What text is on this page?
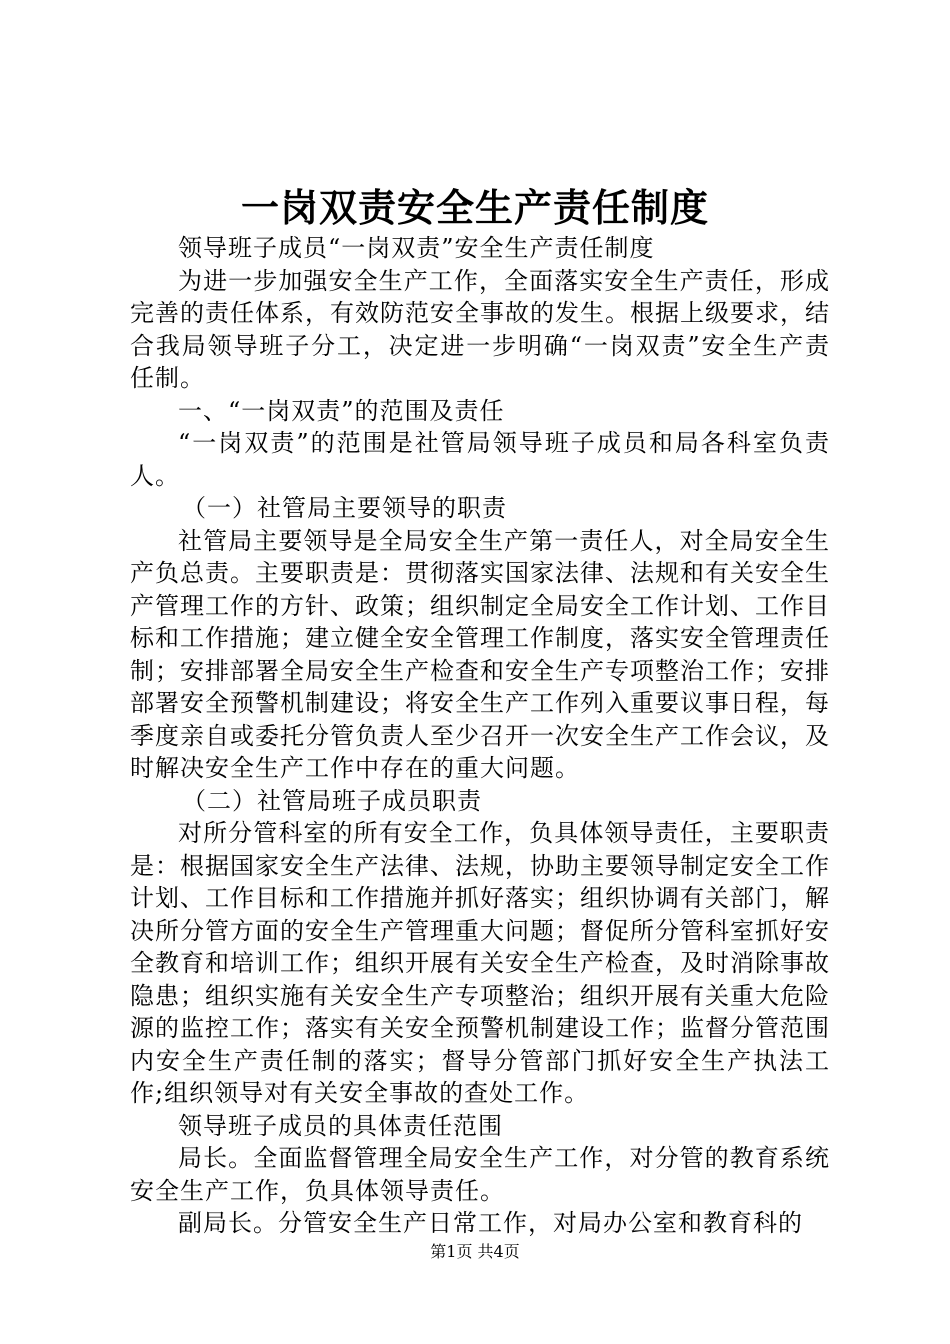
一岗双责安全生产责任制度

领导班子成员“一岗双责”安全生产责任制度

为进一步加强安全生产工作，全面落实安全生产责任，形成完善的责任体系，有效防范安全事故的发生。根据上级要求，结合我局领导班子分工，决定进一步明确“一岗双责”安全生产责任制。

一、“一岗双责”的范围及责任

“一岗双责”的范围是社管局领导班子成员和局各科室负责人。

（一）社管局主要领导的职责

社管局主要领导是全局安全生产第一责任人，对全局安全生产负总责。主要职责是：贯彻落实国家法律、法规和有关安全生产管理工作的方针、政策；组织制定全局安全工作计划、工作目标和工作措施；建立健全安全管理工作制度，落实安全管理责任制；安排部署全局安全生产检查和安全生产专项整治工作；安排部署安全预警机制建设；将安全生产工作列入重要议事日程，每季度亲自或委托分管负责人至少召开一次安全生产工作会议，及时解决安全生产工作中存在的重大问题。

（二）社管局班子成员职责

对所分管科室的所有安全工作，负具体领导责任，主要职责是：根据国家安全生产法律、法规，协助主要领导制定安全工作计划、工作目标和工作措施并抓好落实；组织协调有关部门，解决所分管方面的安全生产管理重大问题；督促所分管科室抓好安全教育和培训工作；组织开展有关安全生产检查，及时消除事故隐患；组织实施有关安全生产专项整治；组织开展有关重大危险源的监控工作；落实有关安全预警机制建设工作；监督分管范围内安全生产责任制的落实；督导分管部门抓好安全生产执法工作;组织领导对有关安全事故的查处工作。

领导班子成员的具体责任范围

局长。全面监督管理全局安全生产工作，对分管的教育系统安全生产工作，负具体领导责任。

副局长。分管安全生产日常工作，对局办公室和教育科的

第1页 共4页
